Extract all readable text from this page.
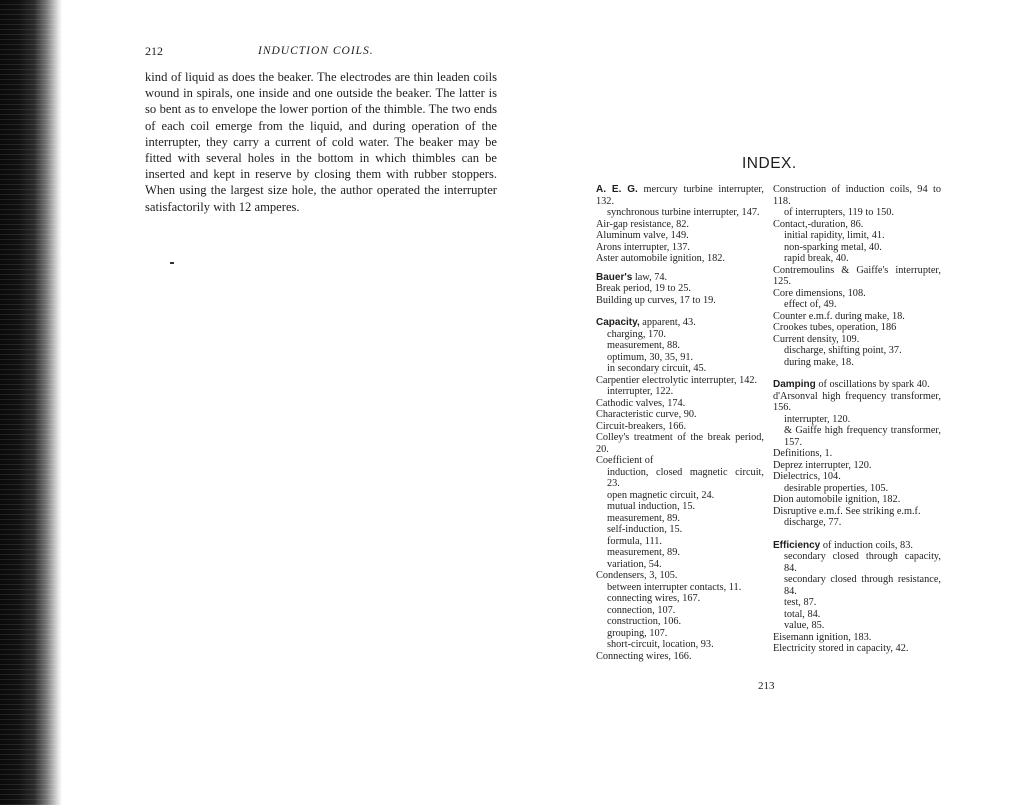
212	INDUCTION COILS.

kind of liquid as does the beaker. The electrodes are thin leaden coils wound in spirals, one inside and one outside the beaker. The latter is so bent as to envelope the lower portion of the thimble. The two ends of each coil emerge from the liquid, and during operation of the interrupter, they carry a current of cold water. The beaker may be fitted with several holes in the bottom in which thimbles can be inserted and kept in reserve by closing them with rubber stoppers. When using the largest size hole, the author operated the interrupter satisfactorily with 12 amperes.

INDEX.

A. E. G. mercury turbine interrupter, 132.

synchronous turbine interrupter, 147.

Air-gap resistance, 82.

Aluminum valve, 149.

Arons interrupter, 137.

Aster automobile ignition, 182.

Bauer's law, 74.

Break period, 19 to 25.

Building up curves, 17 to 19.

Capacity, apparent, 43.

charging, 170.

measurement, 88.

optimum, 30, 35, 91.

in secondary circuit, 45.

Carpentier electrolytic interrupter, 142.

interrupter, 122.

Cathodic valves, 174.

Characteristic curve, 90.

Circuit-breakers, 166.

Colley's treatment of the break period, 20.

Coefficient of

induction, closed magnetic circuit, 23.

open magnetic circuit, 24.

mutual induction, 15.

measurement, 89.

self-induction, 15.

formula, 111.

measurement, 89.

variation, 54.

Condensers, 3, 105.

between interrupter contacts, 11.

connecting wires, 167.

connection, 107.

construction, 106.

grouping, 107.

short-circuit, location, 93.

Connecting wires, 166.

Construction of induction coils, 94 to 118.

of interrupters, 119 to 150.

Contact,-duration, 86.

initial rapidity, limit, 41.

non-sparking metal, 40.

rapid break, 40.

Contremoulins & Gaiffe's interrupter, 125.

Core dimensions, 108.

effect of, 49.

Counter e.m.f. during make, 18.

Crookes tubes, operation, 186

Current density, 109.

discharge, shifting point, 37.

during make, 18.

Damping of oscillations by spark 40.

d'Arsonval high frequency transformer, 156.

interrupter, 120.

& Gaiffe high frequency transformer, 157.

Definitions, 1.

Deprez interrupter, 120.

Dielectrics, 104.

desirable properties, 105.

Dion automobile ignition, 182.

Disruptive e.m.f. See striking e.m.f.

discharge, 77.

Efficiency of induction coils, 83.

secondary closed through capacity, 84.

secondary closed through resistance, 84.

test, 87.

total, 84.

value, 85.

Eisemann ignition, 183.

Electricity stored in capacity, 42.

213
